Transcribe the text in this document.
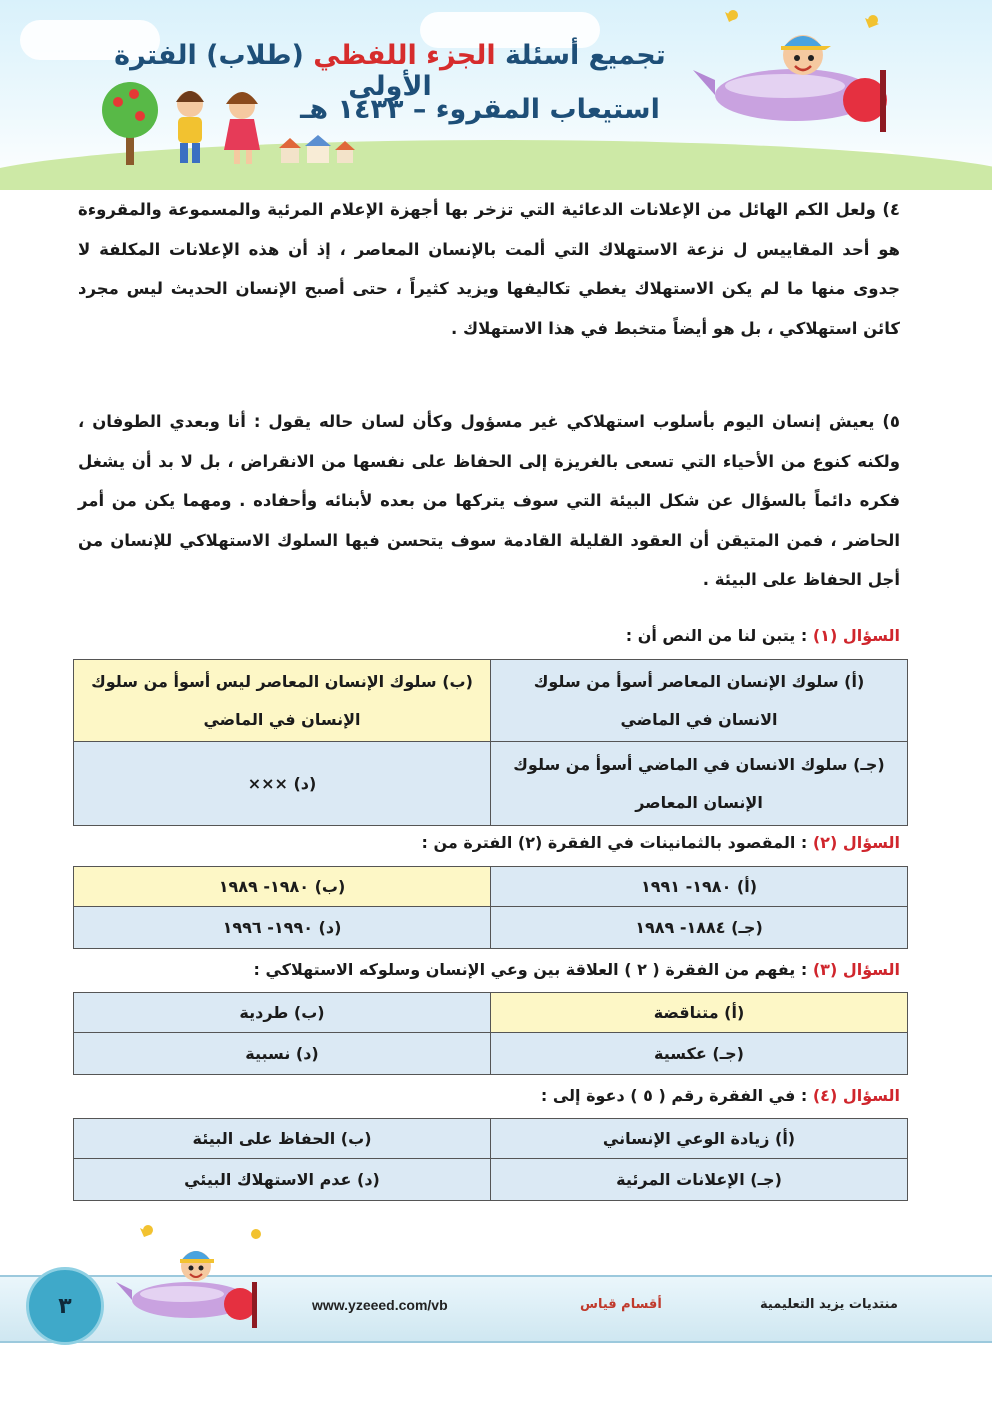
تجميع أسئلة الجزء اللفظي (طلاب) الفترة الأولى
استيعاب المقروء – ١٤٣٣ هـ
٤) ولعل الكم الهائل من الإعلانات الدعائية التي تزخر بها أجهزة الإعلام المرئية والمسموعة والمقروءة هو أحد المقاييس ل نزعة الاستهلاك التي ألمت بالإنسان المعاصر ، إذ أن هذه الإعلانات المكلفة لا جدوى منها ما لم يكن الاستهلاك يغطي تكاليفها ويزيد كثيراً ، حتى أصبح الإنسان الحديث ليس مجرد كائن استهلاكي ، بل هو أيضاً متخبط في هذا الاستهلاك .
٥) يعيش إنسان اليوم بأسلوب استهلاكي غير مسؤول وكأن لسان حاله يقول : أنا وبعدي الطوفان ، ولكنه كنوع من الأحياء التي تسعى بالغريزة إلى الحفاظ على نفسها من الانقراض ، بل لا بد أن يشغل فكره دائماً بالسؤال عن شكل البيئة التي سوف يتركها من بعده لأبنائه وأحفاده . ومهما يكن من أمر الحاضر ، فمن المتيقن أن العقود القليلة القادمة سوف يتحسن فيها السلوك الاستهلاكي للإنسان من أجل الحفاظ على البيئة .
السؤال (١) : يتبن لنا من النص أن :
(أ) سلوك الإنسان المعاصر أسوأ من سلوك الانسان في الماضي	(ب) سلوك الإنسان المعاصر ليس أسوأ من سلوك الإنسان في الماضي
(جـ) سلوك الانسان في الماضي أسوأ من سلوك الإنسان المعاصر	(د) ×××
السؤال (٢) : المقصود بالثمانينات في الفقرة (٢) الفترة من :
(أ) ١٩٨٠- ١٩٩١	(ب) ١٩٨٠- ١٩٨٩
(جـ) ١٨٨٤- ١٩٨٩	(د) ١٩٩٠- ١٩٩٦
السؤال (٣) : يفهم من الفقرة ( ٢ ) العلاقة بين وعي الإنسان وسلوكه الاستهلاكي :
(أ) متناقضة	(ب) طردية
(جـ) عكسية	(د) نسبية
السؤال (٤) : في الفقرة رقم ( ٥ ) دعوة إلى :
(أ) زيادة الوعي الإنساني	(ب) الحفاظ على البيئة
(جـ) الإعلانات المرئية	(د) عدم الاستهلاك البيئي
٣	www.yzeeed.com/vb	أقسام قياس	منتديات يزيد التعليمية
